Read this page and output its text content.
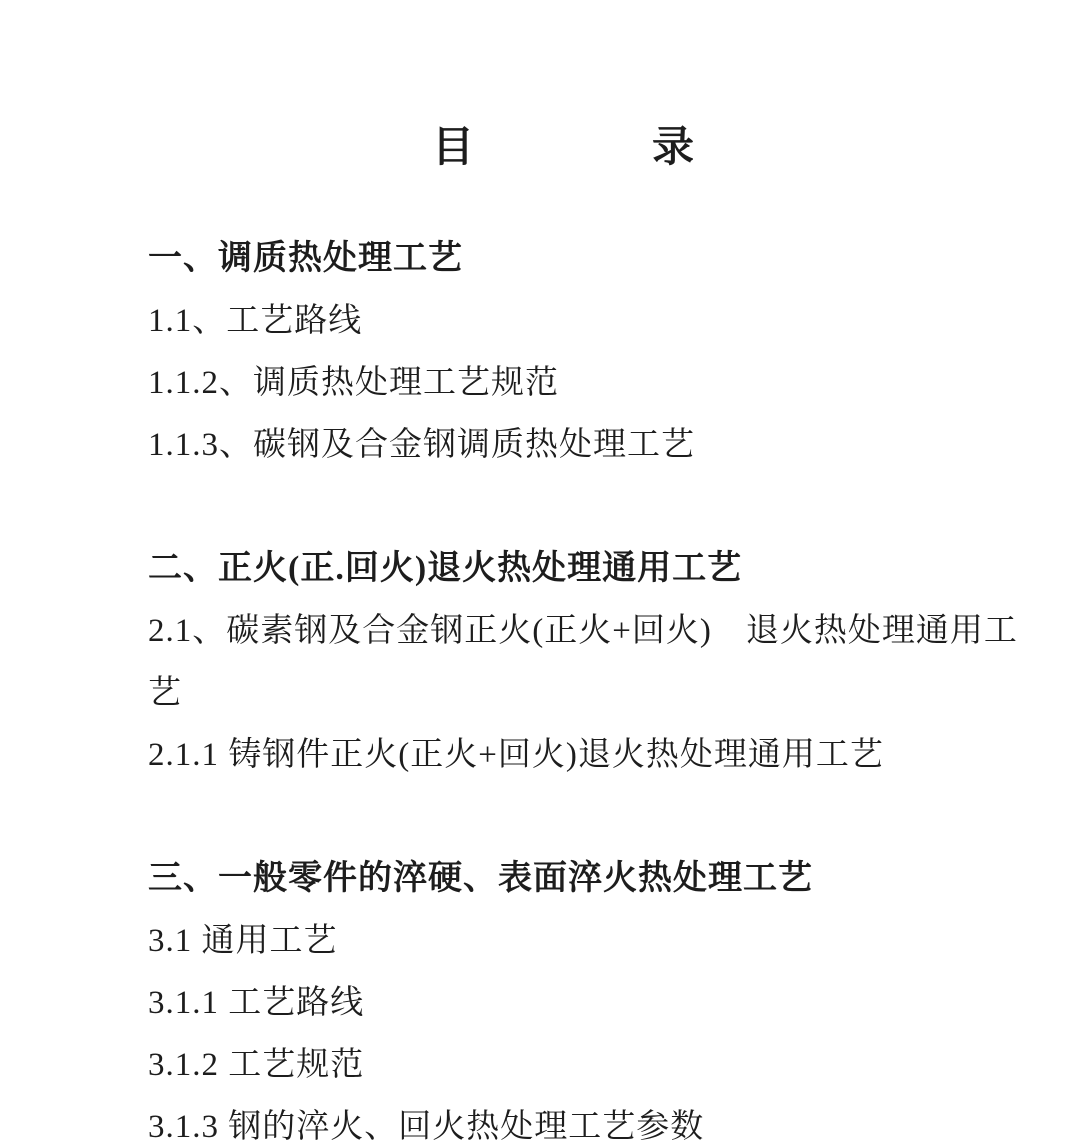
目　　　　录
一、调质热处理工艺
1.1、工艺路线
1.1.2、调质热处理工艺规范
1.1.3、碳钢及合金钢调质热处理工艺
二、正火(正.回火)退火热处理通用工艺
2.1、碳素钢及合金钢正火(正火+回火)　退火热处理通用工
艺
2.1.1 铸钢件正火(正火+回火)退火热处理通用工艺
三、一般零件的淬硬、表面淬火热处理工艺
3.1 通用工艺
3.1.1 工艺路线
3.1.2 工艺规范
3.1.3 钢的淬火、回火热处理工艺参数
